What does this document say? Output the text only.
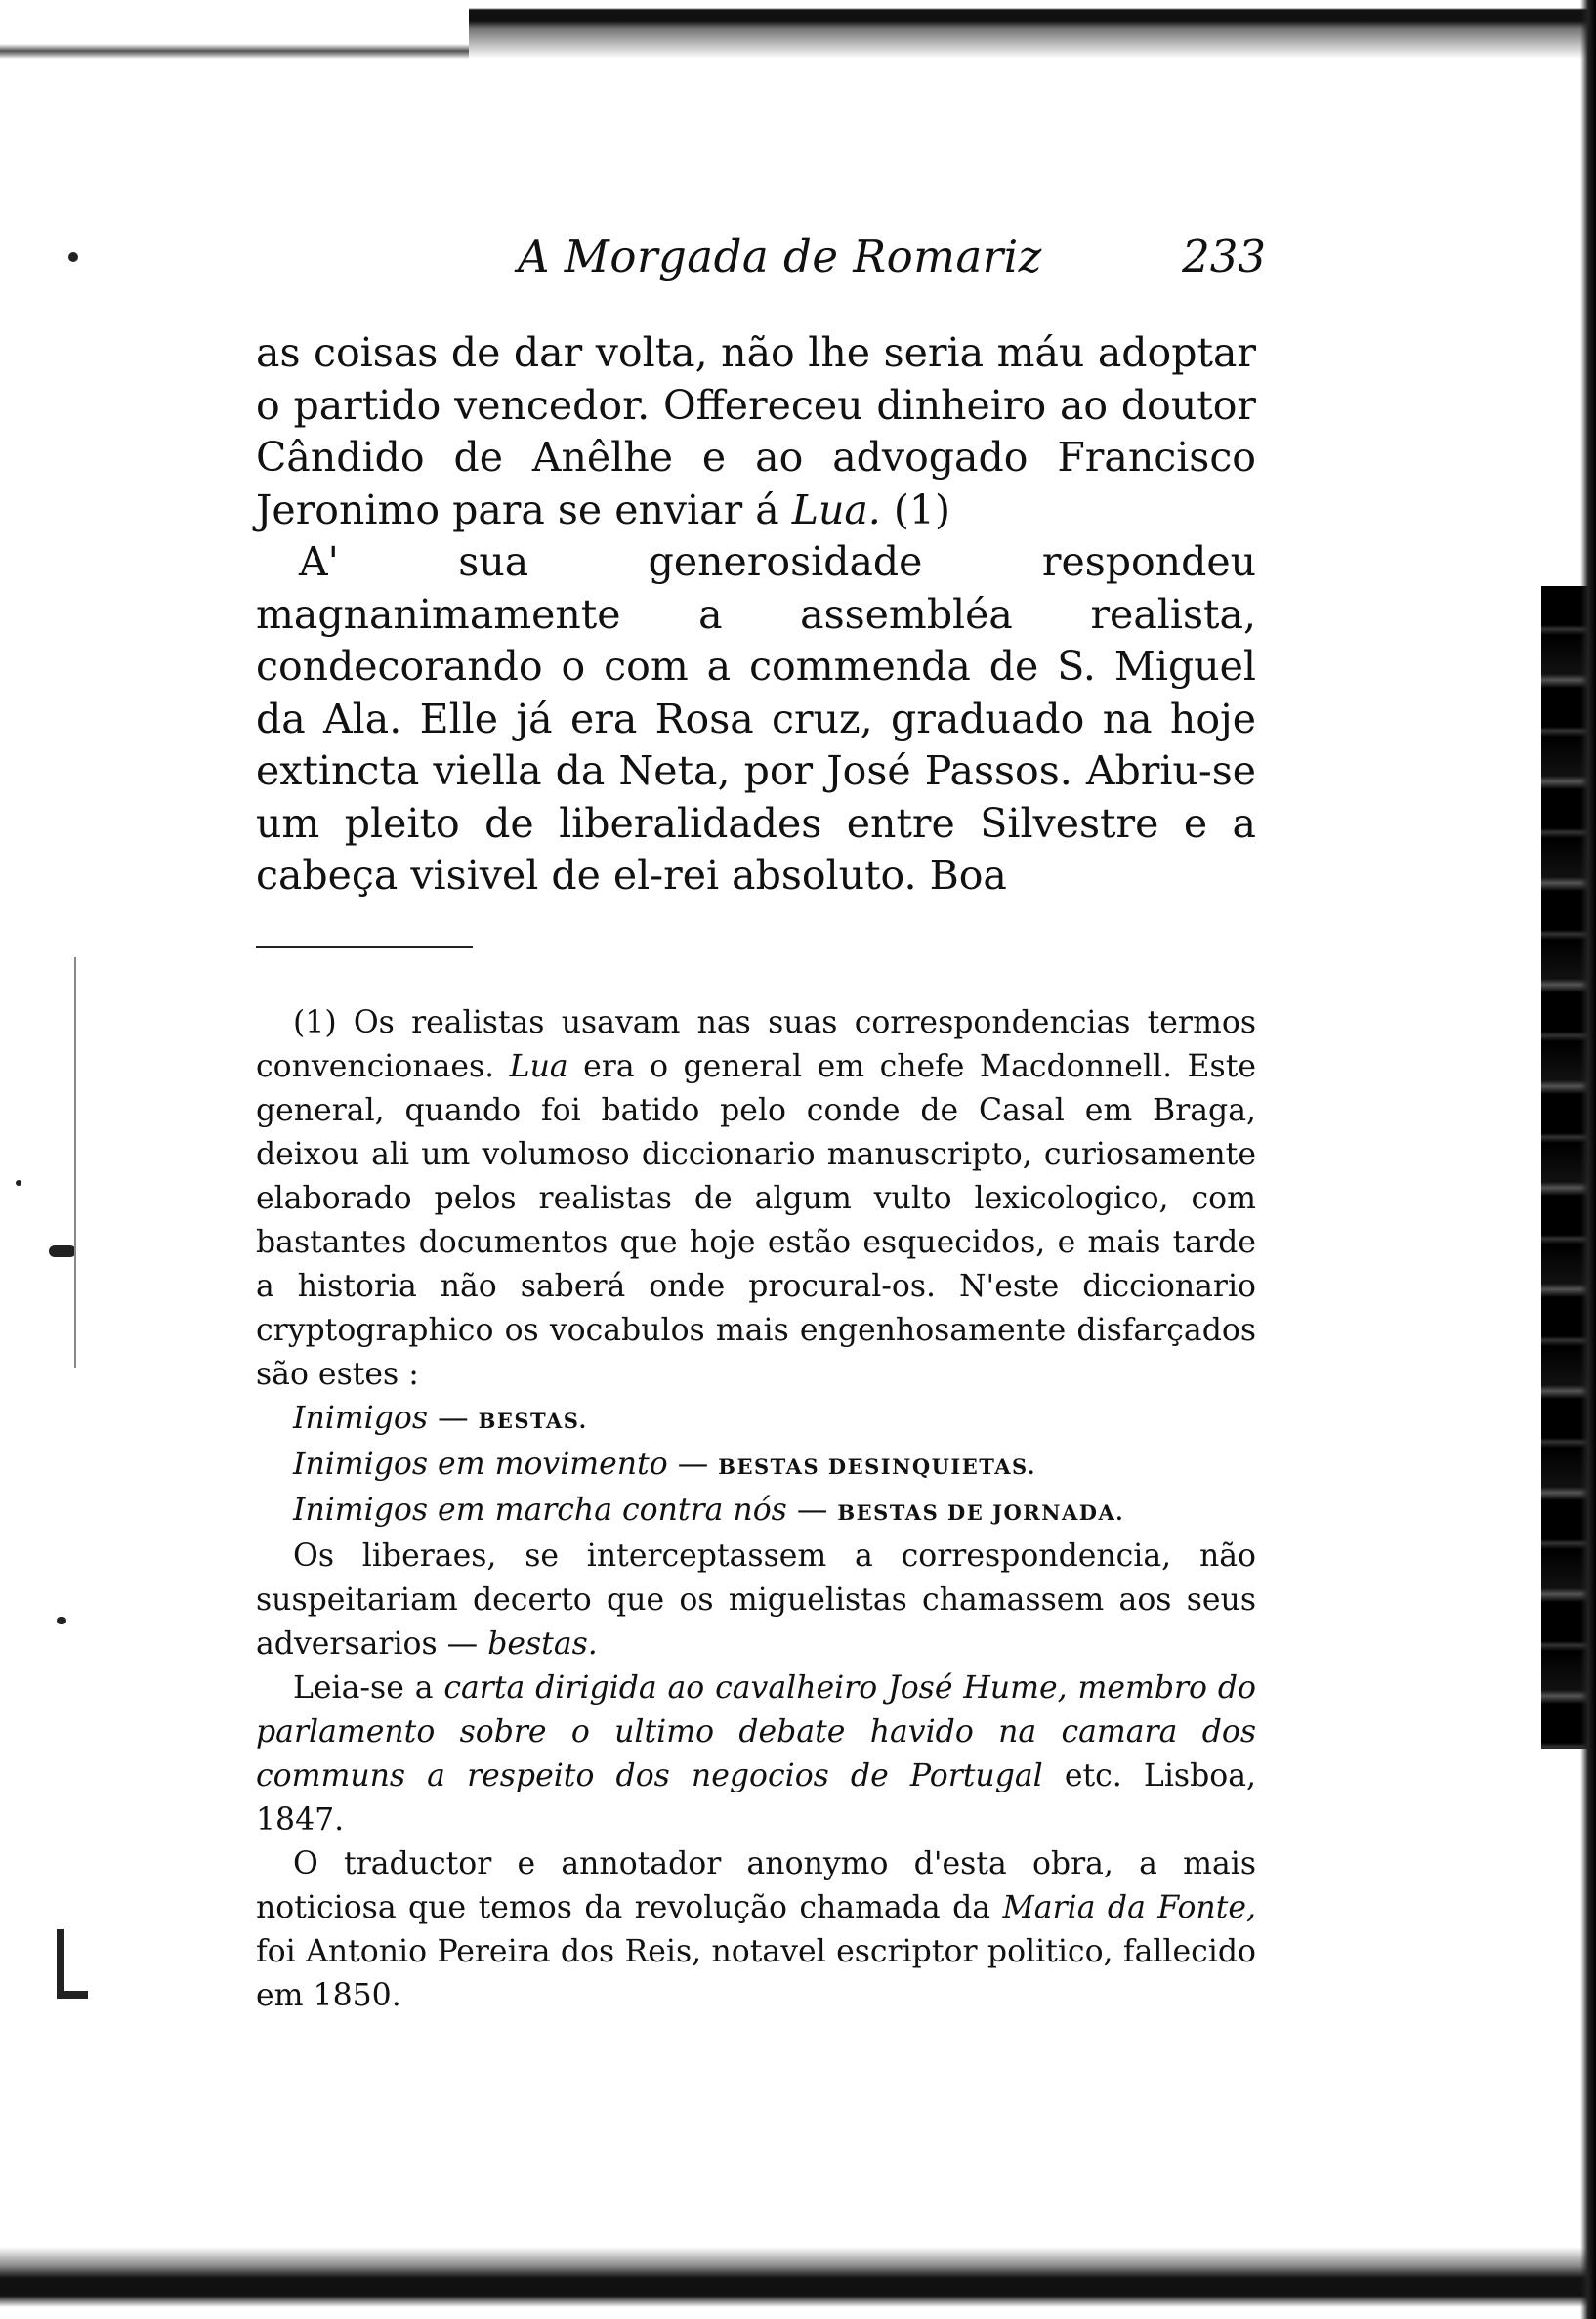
A Morgada de Romariz	233

as coisas de dar volta, não lhe seria máu adoptar o partido vencedor. Offereceu dinheiro ao doutor Cândido de Anêlhe e ao advogado Francisco Jeronimo para se enviar á Lua. (1)

A' sua generosidade respondeu magnanimamente a assembléa realista, condecorando o com a commenda de S. Miguel da Ala. Elle já era Rosa cruz, graduado na hoje extincta viella da Neta, por José Passos. Abriu-se um pleito de liberalidades entre Silvestre e a cabeça visivel de el-rei absoluto. Boa

(1) Os realistas usavam nas suas correspondencias termos convencionaes. Lua era o general em chefe Macdonnell. Este general, quando foi batido pelo conde de Casal em Braga, deixou ali um volumoso diccionario manuscripto, curiosamente elaborado pelos realistas de algum vulto lexicologico, com bastantes documentos que hoje estão esquecidos, e mais tarde a historia não saberá onde procural-os. N'este diccionario cryptographico os vocabulos mais engenhosamente disfarçados são estes :

Inimigos — BESTAS.
Inimigos em movimento — BESTAS DESINQUIETAS.
Inimigos em marcha contra nós — BESTAS DE JORNADA.

Os liberaes, se interceptassem a correspondencia, não suspeitariam decerto que os miguelistas chamassem aos seus adversarios — bestas.

Leia-se a carta dirigida ao cavalheiro José Hume, membro do parlamento sobre o ultimo debate havido na camara dos communs a respeito dos negocios de Portugal etc. Lisboa, 1847.

O traductor e annotador anonymo d'esta obra, a mais noticiosa que temos da revolução chamada da Maria da Fonte, foi Antonio Pereira dos Reis, notavel escriptor politico, fallecido em 1850.
